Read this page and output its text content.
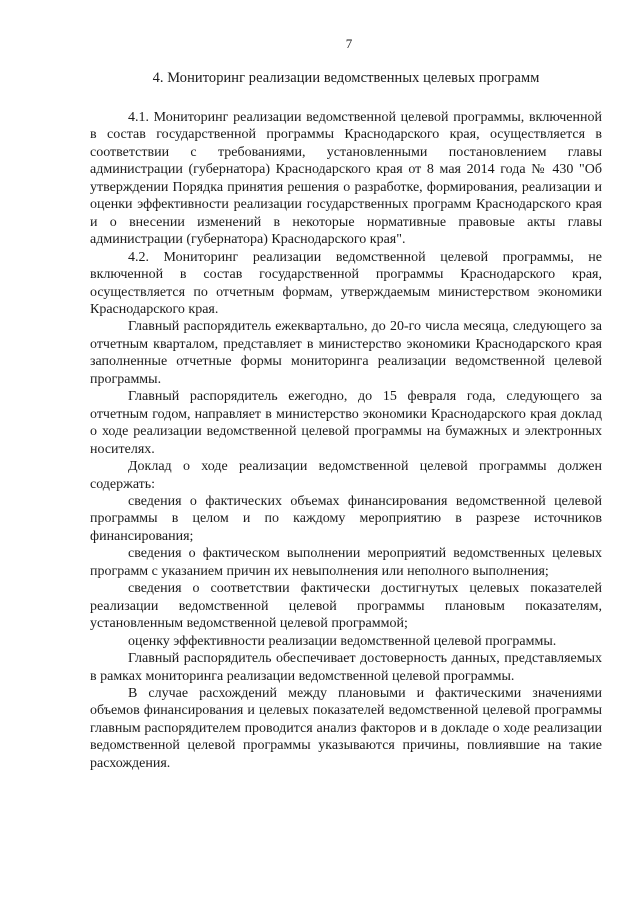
7
4. Мониторинг реализации ведомственных целевых программ

4.1. Мониторинг реализации ведомственной целевой программы, включенной в состав государственной программы Краснодарского края, осуществляется в соответствии с требованиями, установленными постановлением главы администрации (губернатора) Краснодарского края от 8 мая 2014 года № 430 "Об утверждении Порядка принятия решения о разработке, формирования, реализации и оценки эффективности реализации государственных программ Краснодарского края и о внесении изменений в некоторые нормативные правовые акты главы администрации (губернатора) Краснодарского края".

4.2. Мониторинг реализации ведомственной целевой программы, не включенной в состав государственной программы Краснодарского края, осуществляется по отчетным формам, утверждаемым министерством экономики Краснодарского края.

Главный распорядитель ежеквартально, до 20-го числа месяца, следующего за отчетным кварталом, представляет в министерство экономики Краснодарского края заполненные отчетные формы мониторинга реализации ведомственной целевой программы.

Главный распорядитель ежегодно, до 15 февраля года, следующего за отчетным годом, направляет в министерство экономики Краснодарского края доклад о ходе реализации ведомственной целевой программы на бумажных и электронных носителях.

Доклад о ходе реализации ведомственной целевой программы должен содержать:

сведения о фактических объемах финансирования ведомственной целевой программы в целом и по каждому мероприятию в разрезе источников финансирования;

сведения о фактическом выполнении мероприятий ведомственных целевых программ с указанием причин их невыполнения или неполного выполнения;

сведения о соответствии фактически достигнутых целевых показателей реализации ведомственной целевой программы плановым показателям, установленным ведомственной целевой программой;

оценку эффективности реализации ведомственной целевой программы.

Главный распорядитель обеспечивает достоверность данных, представляемых в рамках мониторинга реализации ведомственной целевой программы.

В случае расхождений между плановыми и фактическими значениями объемов финансирования и целевых показателей ведомственной целевой программы главным распорядителем проводится анализ факторов и в докладе о ходе реализации ведомственной целевой программы указываются причины, повлиявшие на такие расхождения.
